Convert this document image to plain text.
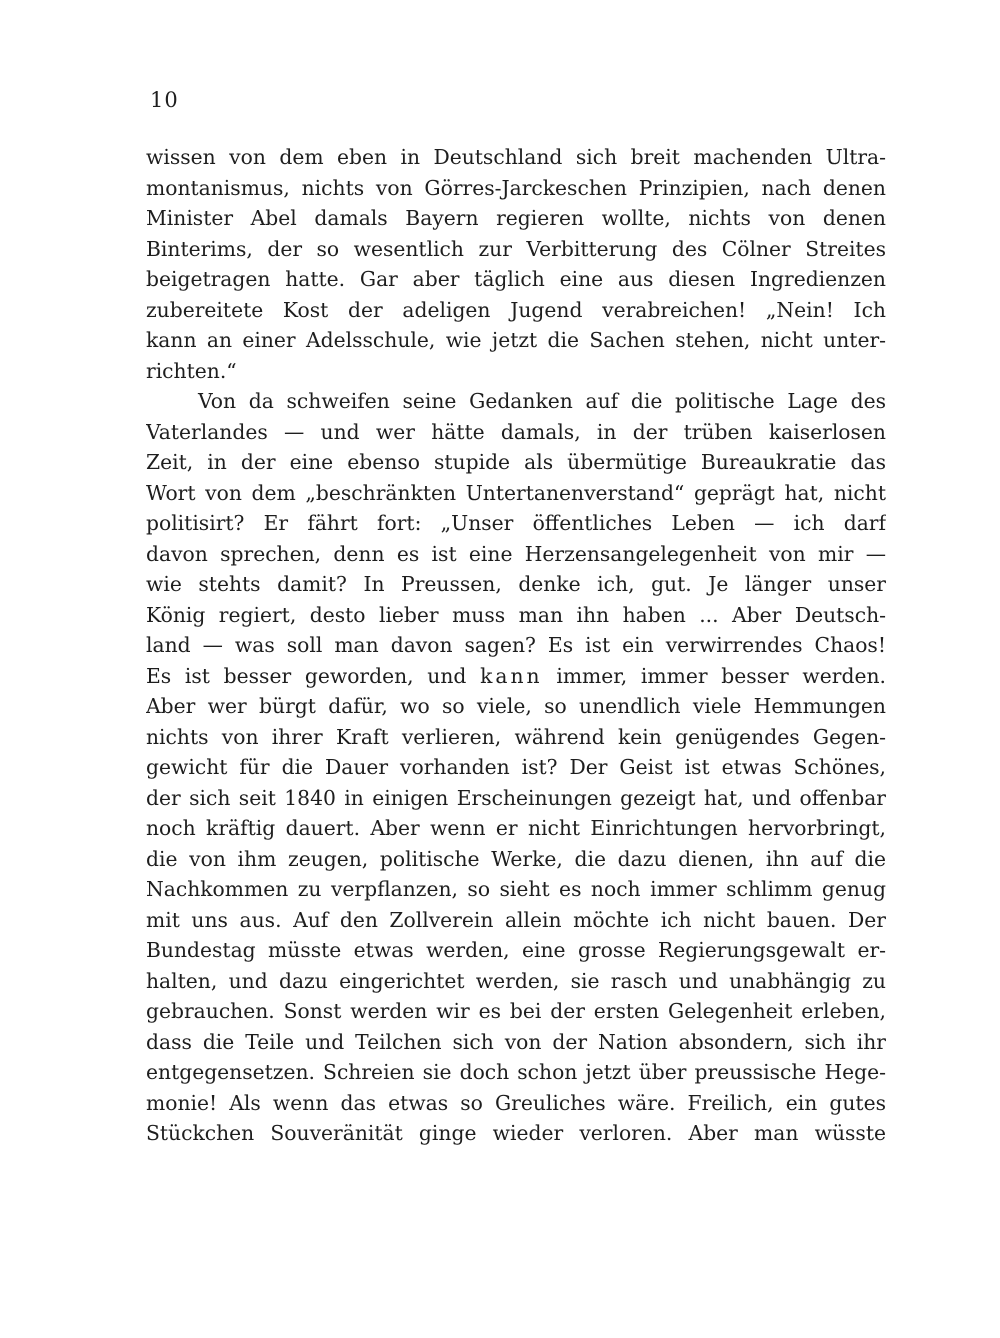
10
wissen von dem eben in Deutschland sich breit machenden Ultra-
montanismus, nichts von Görres-Jarckeschen Prinzipien, nach denen
Minister Abel damals Bayern regieren wollte, nichts von denen
Binterims, der so wesentlich zur Verbitterung des Cölner Streites
beigetragen hatte. Gar aber täglich eine aus diesen Ingredienzen
zubereitete Kost der adeligen Jugend verabreichen! „Nein! Ich
kann an einer Adelsschule, wie jetzt die Sachen stehen, nicht unter-
richten.“
Von da schweifen seine Gedanken auf die politische Lage des
Vaterlandes — und wer hätte damals, in der trüben kaiserlosen
Zeit, in der eine ebenso stupide als übermütige Bureaukratie das
Wort von dem „beschränkten Untertanenverstand“ geprägt hat, nicht
politisirt? Er fährt fort: „Unser öffentliches Leben — ich darf
davon sprechen, denn es ist eine Herzensangelegenheit von mir —
wie stehts damit? In Preussen, denke ich, gut. Je länger unser
König regiert, desto lieber muss man ihn haben ... Aber Deutsch-
land — was soll man davon sagen? Es ist ein verwirrendes Chaos!
Es ist besser geworden, und kann immer, immer besser werden.
Aber wer bürgt dafür, wo so viele, so unendlich viele Hemmungen
nichts von ihrer Kraft verlieren, während kein genügendes Gegen-
gewicht für die Dauer vorhanden ist? Der Geist ist etwas Schönes,
der sich seit 1840 in einigen Erscheinungen gezeigt hat, und offenbar
noch kräftig dauert. Aber wenn er nicht Einrichtungen hervorbringt,
die von ihm zeugen, politische Werke, die dazu dienen, ihn auf die
Nachkommen zu verpflanzen, so sieht es noch immer schlimm genug
mit uns aus. Auf den Zollverein allein möchte ich nicht bauen. Der
Bundestag müsste etwas werden, eine grosse Regierungsgewalt er-
halten, und dazu eingerichtet werden, sie rasch und unabhängig zu
gebrauchen. Sonst werden wir es bei der ersten Gelegenheit erleben,
dass die Teile und Teilchen sich von der Nation absondern, sich ihr
entgegensetzen. Schreien sie doch schon jetzt über preussische Hege-
monie! Als wenn das etwas so Greuliches wäre. Freilich, ein gutes
Stückchen Souveränität ginge wieder verloren. Aber man wüsste
